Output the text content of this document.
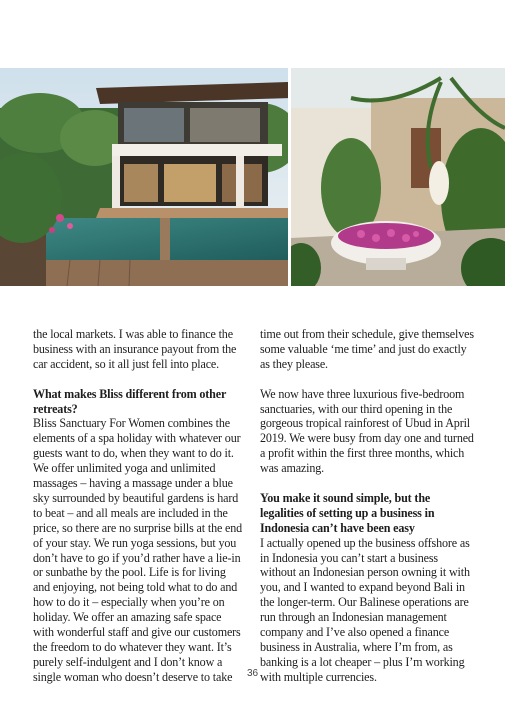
the local markets. I was able to finance the business with an insurance payout from the car accident, so it all just fell into place.

What makes Bliss different from other retreats?

Bliss Sanctuary For Women combines the elements of a spa holiday with whatever our guests want to do, when they want to do it. We offer unlimited yoga and unlimited massages – having a massage under a blue sky surrounded by beautiful gardens is hard to beat – and all meals are included in the price, so there are no surprise bills at the end of your stay. We run yoga sessions, but you don’t have to go if you’d rather have a lie-in or sunbathe by the pool. Life is for living and enjoying, not being told what to do and how to do it – especially when you’re on holiday. We offer an amazing safe space with wonderful staff and give our customers the freedom to do whatever they want. It’s purely self-indulgent and I don’t know a single woman who doesn’t deserve to take

time out from their schedule, give themselves some valuable ‘me time’ and just do exactly as they please.

We now have three luxurious five-bedroom sanctuaries, with our third opening in the gorgeous tropical rainforest of Ubud in April 2019. We were busy from day one and turned a profit within the first three months, which was amazing.

You make it sound simple, but the legalities of setting up a business in Indonesia can’t have been easy

I actually opened up the business offshore as in Indonesia you can’t start a business without an Indonesian person owning it with you, and I wanted to expand beyond Bali in the longer-term. Our Balinese operations are run through an Indonesian management company and I’ve also opened a finance business in Australia, where I’m from, as banking is a lot cheaper – plus I’m working with multiple currencies.

36
